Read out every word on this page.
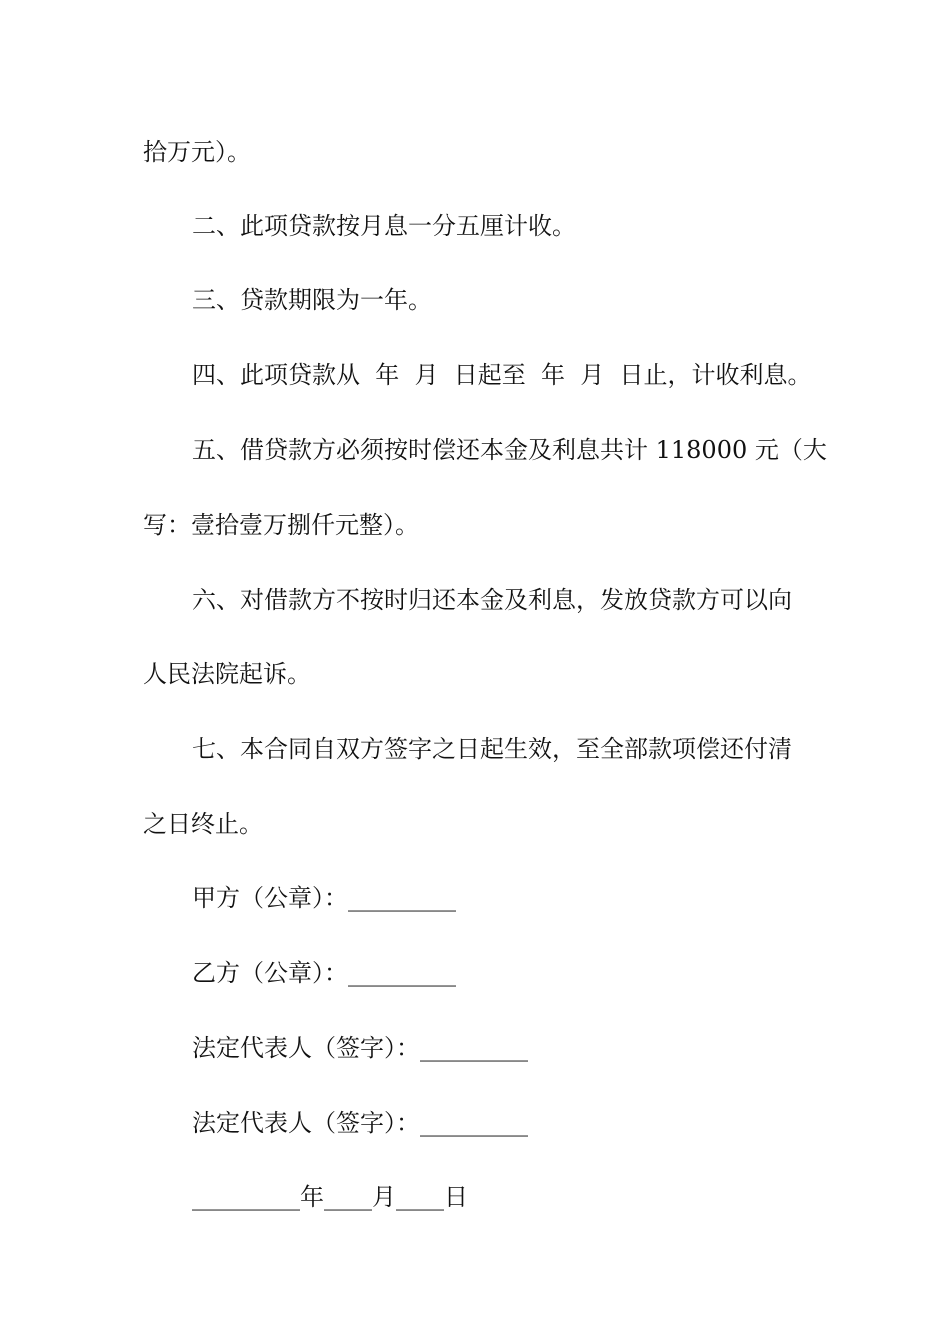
拾万元）。
二、此项贷款按月息一分五厘计收。
三、贷款期限为一年。
四、此项贷款从  年  月  日起至  年  月  日止，计收利息。
五、借贷款方必须按时偿还本金及利息共计 118000 元（大
写：壹拾壹万捌仟元整）。
六、对借款方不按时归还本金及利息，发放贷款方可以向
人民法院起诉。
七、本合同自双方签字之日起生效，至全部款项偿还付清
之日终止。
甲方（公章）：_________
乙方（公章）：_________
法定代表人（签字）：_________
法定代表人（签字）：_________
_________年____月____日
